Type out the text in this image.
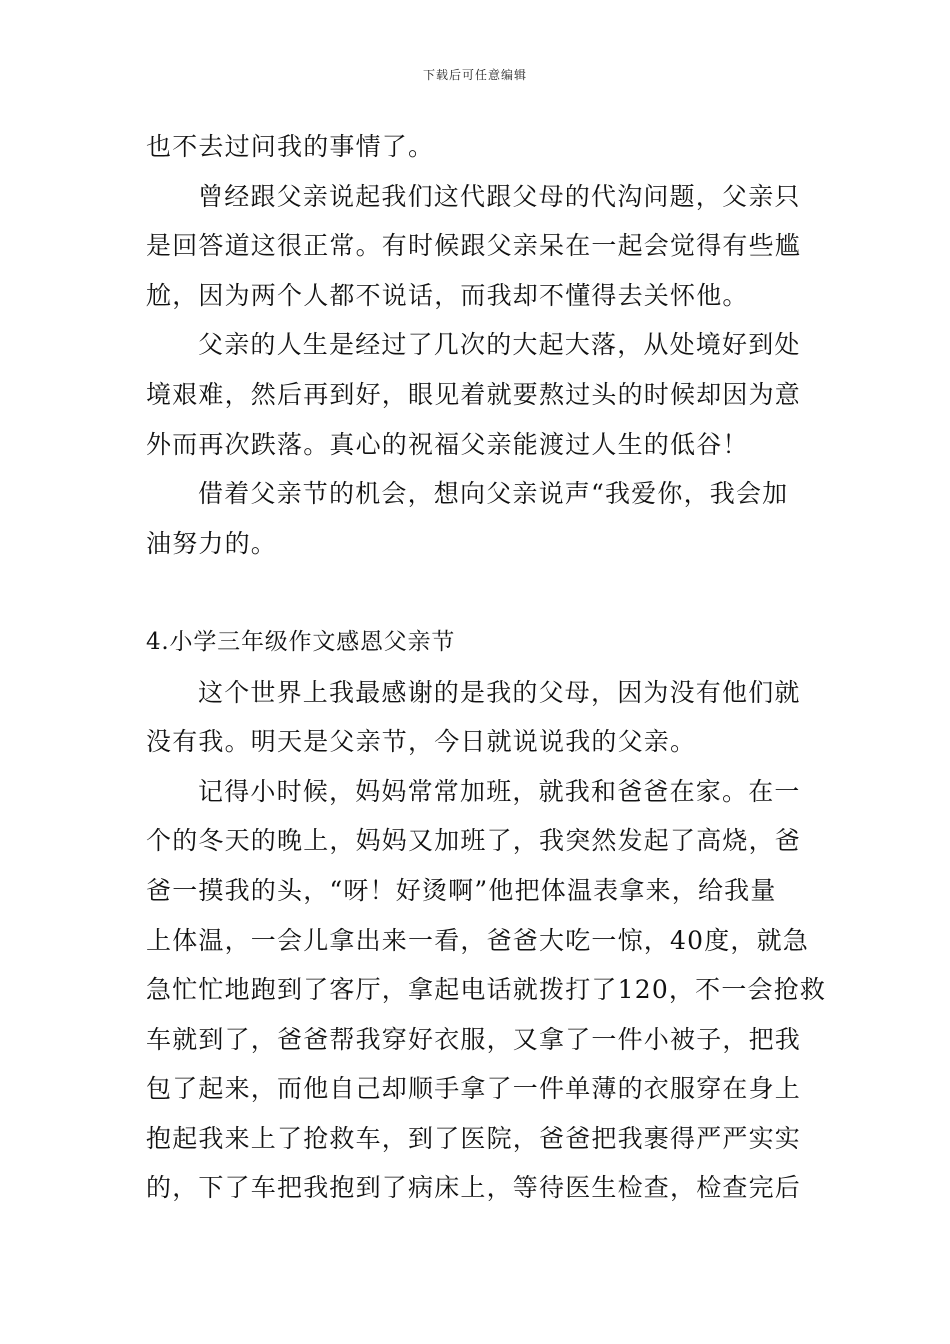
下载后可任意编辑
也不去过问我的事情了。
曾经跟父亲说起我们这代跟父母的代沟问题，父亲只
是回答道这很正常。有时候跟父亲呆在一起会觉得有些尴
尬，因为两个人都不说话，而我却不懂得去关怀他。
父亲的人生是经过了几次的大起大落，从处境好到处
境艰难，然后再到好，眼见着就要熬过头的时候却因为意
外而再次跌落。真心的祝福父亲能渡过人生的低谷！
借着父亲节的机会，想向父亲说声“我爱你，我会加
油努力的。
4.小学三年级作文感恩父亲节
这个世界上我最感谢的是我的父母，因为没有他们就
没有我。明天是父亲节，今日就说说我的父亲。
记得小时候，妈妈常常加班，就我和爸爸在家。在一
个的冬天的晚上，妈妈又加班了，我突然发起了高烧，爸
爸一摸我的头，“呀！好烫啊”他把体温表拿来，给我量
上体温，一会儿拿出来一看，爸爸大吃一惊，40度，就急
急忙忙地跑到了客厅，拿起电话就拨打了120，不一会抢救
车就到了，爸爸帮我穿好衣服，又拿了一件小被子，把我
包了起来，而他自己却顺手拿了一件单薄的衣服穿在身上
抱起我来上了抢救车，到了医院，爸爸把我裹得严严实实
的，下了车把我抱到了病床上，等待医生检查，检查完后
